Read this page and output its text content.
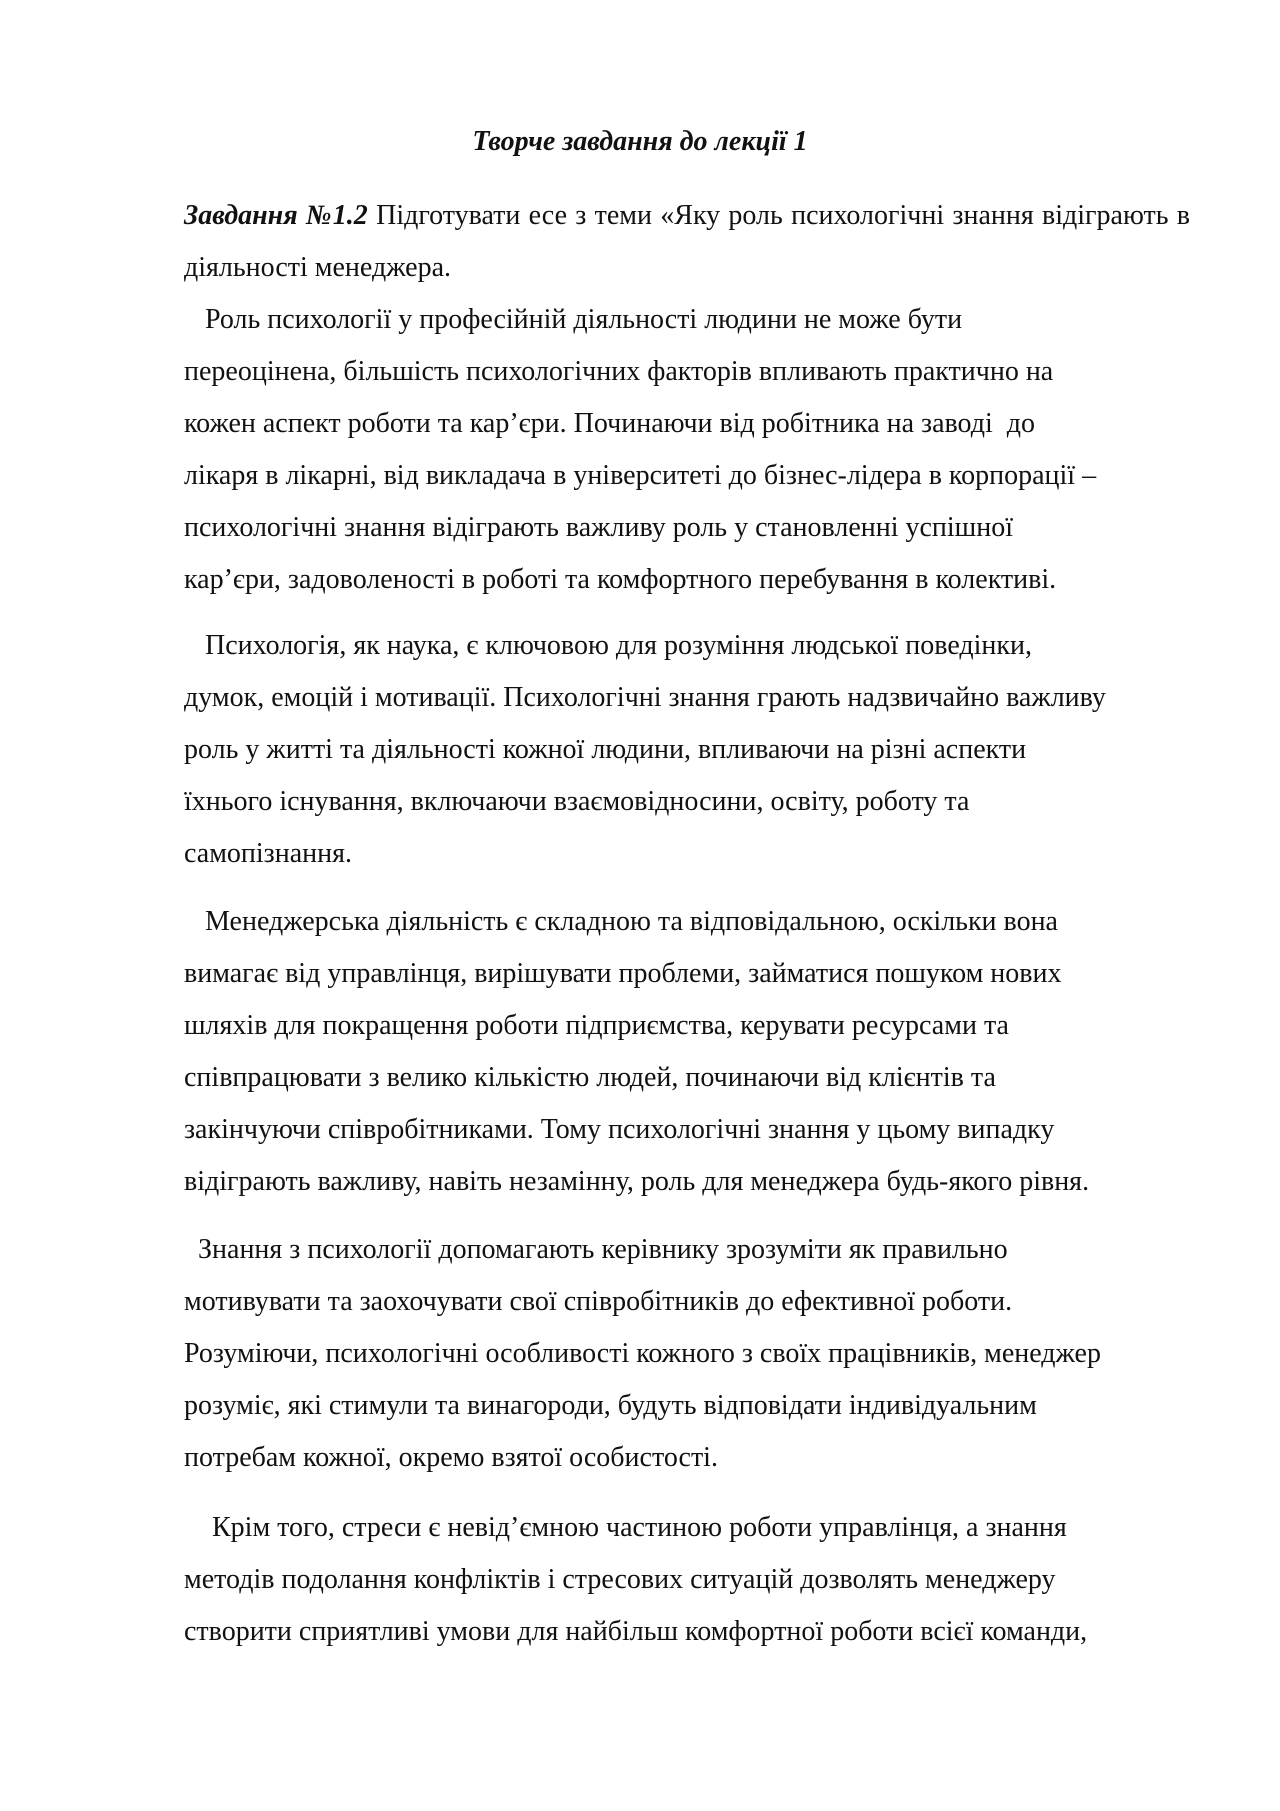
Творче завдання до лекції 1

Завдання №1.2 Підготувати есе з теми «Яку роль психологічні знання відіграють в діяльності менеджера.

Роль психології у професійній діяльності людини не може бути
переоцінена, більшість психологічних факторів впливають практично на
кожен аспект роботи та кар’єри. Починаючи від робітника на заводі  до
лікаря в лікарні, від викладача в університеті до бізнес-лідера в корпорації –
психологічні знання відіграють важливу роль у становленні успішної
кар’єри, задоволеності в роботі та комфортного перебування в колективі.
Психологія, як наука, є ключовою для розуміння людської поведінки,
думок, емоцій і мотивації. Психологічні знання грають надзвичайно важливу
роль у житті та діяльності кожної людини, впливаючи на різні аспекти
їхнього існування, включаючи взаємовідносини, освіту, роботу та
самопізнання.
Менеджерська діяльність є складною та відповідальною, оскільки вона
вимагає від управлінця, вирішувати проблеми, займатися пошуком нових
шляхів для покращення роботи підприємства, керувати ресурсами та
співпрацювати з велико кількістю людей, починаючи від клієнтів та
закінчуючи співробітниками. Тому психологічні знання у цьому випадку
відіграють важливу, навіть незамінну, роль для менеджера будь-якого рівня.
Знання з психології допомагають керівнику зрозуміти як правильно
мотивувати та заохочувати свої співробітників до ефективної роботи.
Розуміючи, психологічні особливості кожного з своїх працівників, менеджер
розуміє, які стимули та винагороди, будуть відповідати індивідуальним
потребам кожної, окремо взятої особистості.
Крім того, стреси є невід’ємною частиною роботи управлінця, а знання
методів подолання конфліктів і стресових ситуацій дозволять менеджеру
створити сприятливі умови для найбільш комфортної роботи всієї команди,
